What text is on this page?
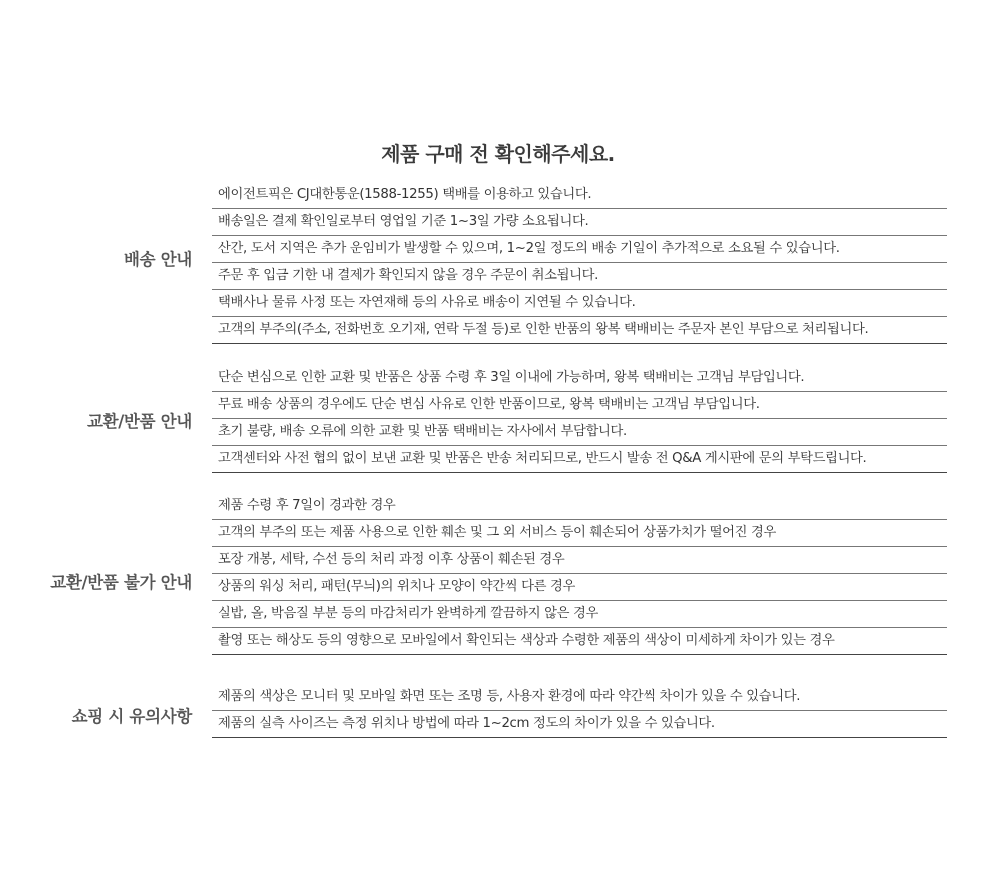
제품 구매 전 확인해주세요.
배송 안내
에이전트픽은 CJ대한통운(1588-1255) 택배를 이용하고 있습니다.
배송일은 결제 확인일로부터 영업일 기준 1~3일 가량 소요됩니다.
산간, 도서 지역은 추가 운임비가 발생할 수 있으며, 1~2일 정도의 배송 기일이 추가적으로 소요될 수 있습니다.
주문 후 입금 기한 내 결제가 확인되지 않을 경우 주문이 취소됩니다.
택배사나 물류 사정 또는 자연재해 등의 사유로 배송이 지연될 수 있습니다.
고객의 부주의(주소, 전화번호 오기재, 연락 두절 등)로 인한 반품의 왕복 택배비는 주문자 본인 부담으로 처리됩니다.
교환/반품 안내
단순 변심으로 인한 교환 및 반품은 상품 수령 후 3일 이내에 가능하며, 왕복 택배비는 고객님 부담입니다.
무료 배송 상품의 경우에도 단순 변심 사유로 인한 반품이므로, 왕복 택배비는 고객님 부담입니다.
초기 불량, 배송 오류에 의한 교환 및 반품 택배비는 자사에서 부담합니다.
고객센터와 사전 협의 없이 보낸 교환 및 반품은 반송 처리되므로, 반드시 발송 전 Q&A 게시판에 문의 부탁드립니다.
교환/반품 불가 안내
제품 수령 후 7일이 경과한 경우
고객의 부주의 또는 제품 사용으로 인한 훼손 및 그 외 서비스 등이 훼손되어 상품가치가 떨어진 경우
포장 개봉, 세탁, 수선 등의 처리 과정 이후 상품이 훼손된 경우
상품의 워싱 처리, 패턴(무늬)의 위치나 모양이 약간씩 다른 경우
실밥, 올, 박음질 부분 등의 마감처리가 완벽하게 깔끔하지 않은 경우
촬영 또는 해상도 등의 영향으로 모바일에서 확인되는 색상과 수령한 제품의 색상이 미세하게 차이가 있는 경우
쇼핑 시 유의사항
제품의 색상은 모니터 및 모바일 화면 또는 조명 등, 사용자 환경에 따라 약간씩 차이가 있을 수 있습니다.
제품의 실측 사이즈는 측정 위치나 방법에 따라 1~2cm 정도의 차이가 있을 수 있습니다.
